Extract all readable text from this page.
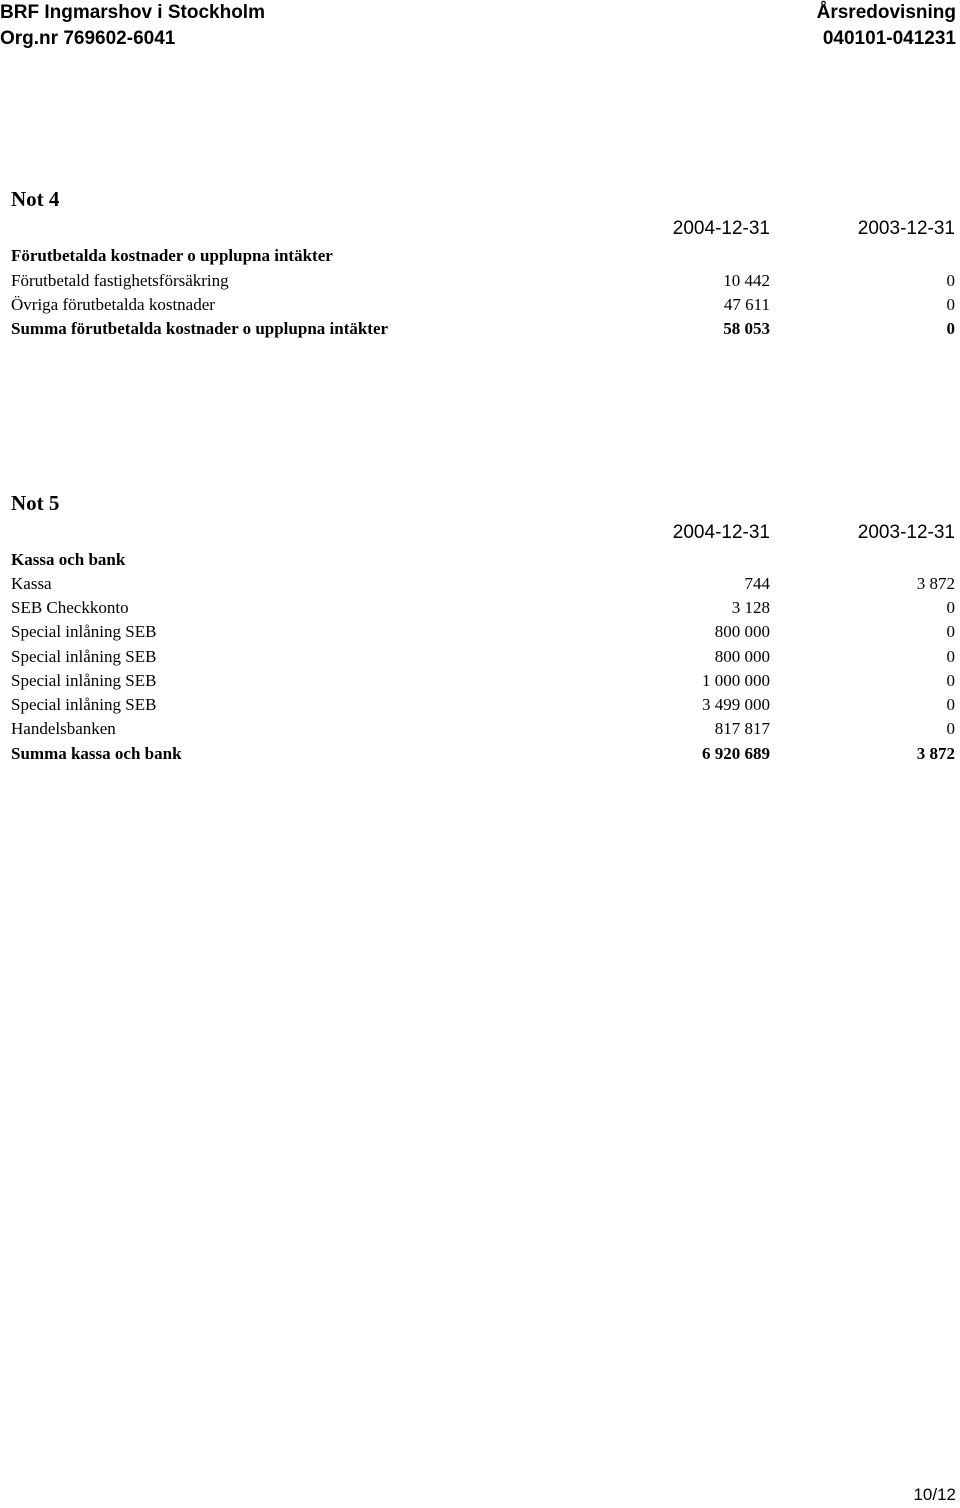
BRF Ingmarshov i Stockholm
Org.nr 769602-6041
Årsredovisning
040101-041231
Not 4
2004-12-31	2003-12-31
Förutbetalda kostnader o upplupna intäkter
Förutbetald fastighetsförsäkring	10 442	0
Övriga förutbetalda kostnader	47 611	0
Summa förutbetalda kostnader o upplupna intäkter	58 053	0
Not 5
2004-12-31	2003-12-31
Kassa och bank
Kassa	744	3 872
SEB Checkkonto	3 128	0
Special inlåning SEB	800 000	0
Special inlåning SEB	800 000	0
Special inlåning SEB	1 000 000	0
Special inlåning SEB	3 499 000	0
Handelsbanken	817 817	0
Summa kassa och bank	6 920 689	3 872
10/12
